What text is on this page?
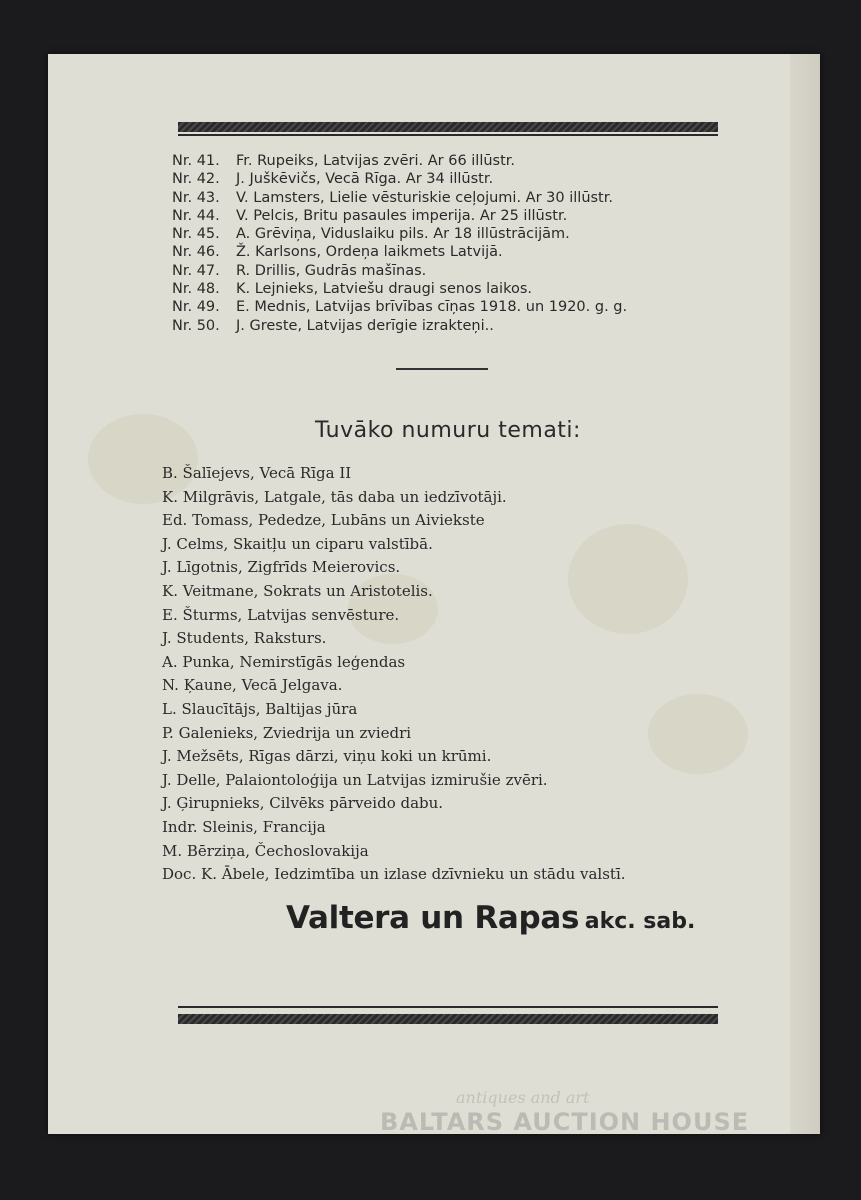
Nr. 41. Fr. Rupeiks, Latvijas zvēri. Ar 66 illūstr.
Nr. 42. J. Juškēvičs, Vecā Rīga. Ar 34 illūstr.
Nr. 43. V. Lamsters, Lielie vēsturiskie ceļojumi. Ar 30 illūstr.
Nr. 44. V. Pelcis, Britu pasaules imperija. Ar 25 illūstr.
Nr. 45. A. Grēviņa, Viduslaiku pils. Ar 18 illūstrācijām.
Nr. 46. Ž. Karlsons, Ordeņa laikmets Latvijā.
Nr. 47. R. Drillis, Gudrās mašīnas.
Nr. 48. K. Lejnieks, Latviešu draugi senos laikos.
Nr. 49. E. Mednis, Latvijas brīvības cīņas 1918. un 1920. g. g.
Nr. 50. J. Greste, Latvijas derīgie izrakteņi..
Tuvāko numuru temati:
B. Šalīejevs, Vecā Rīga II
K. Milgrāvis, Latgale, tās daba un iedzīvotāji.
Ed. Tomass, Pededze, Lubāns un Aiviekste
J. Celms, Skaitļu un ciparu valstībā.
J. Līgotnis, Zigfrīds Meierovics.
K. Veitmane, Sokrats un Aristotelis.
E. Šturms, Latvijas senvēsture.
J. Students, Raksturs.
A. Punka, Nemirstīgās leģendas
N. Ķaune, Vecā Jelgava.
L. Slaucītājs, Baltijas jūra
P. Galenieks, Zviedrija un zviedri
J. Mežsēts, Rīgas dārzi, viņu koki un krūmi.
J. Delle, Palaiontoloģija un Latvijas izmirušie zvēri.
J. Ģirupnieks, Cilvēks pārveido dabu.
Indr. Sleinis, Francija
M. Bērziņa, Čechoslovakija
Doc. K. Ābele, Iedzimtība un izlase dzīvnieku un stādu valstī.
Valtera un Rapas akc. sab.
antiques and art
BALTARS AUCTION HOUSE
